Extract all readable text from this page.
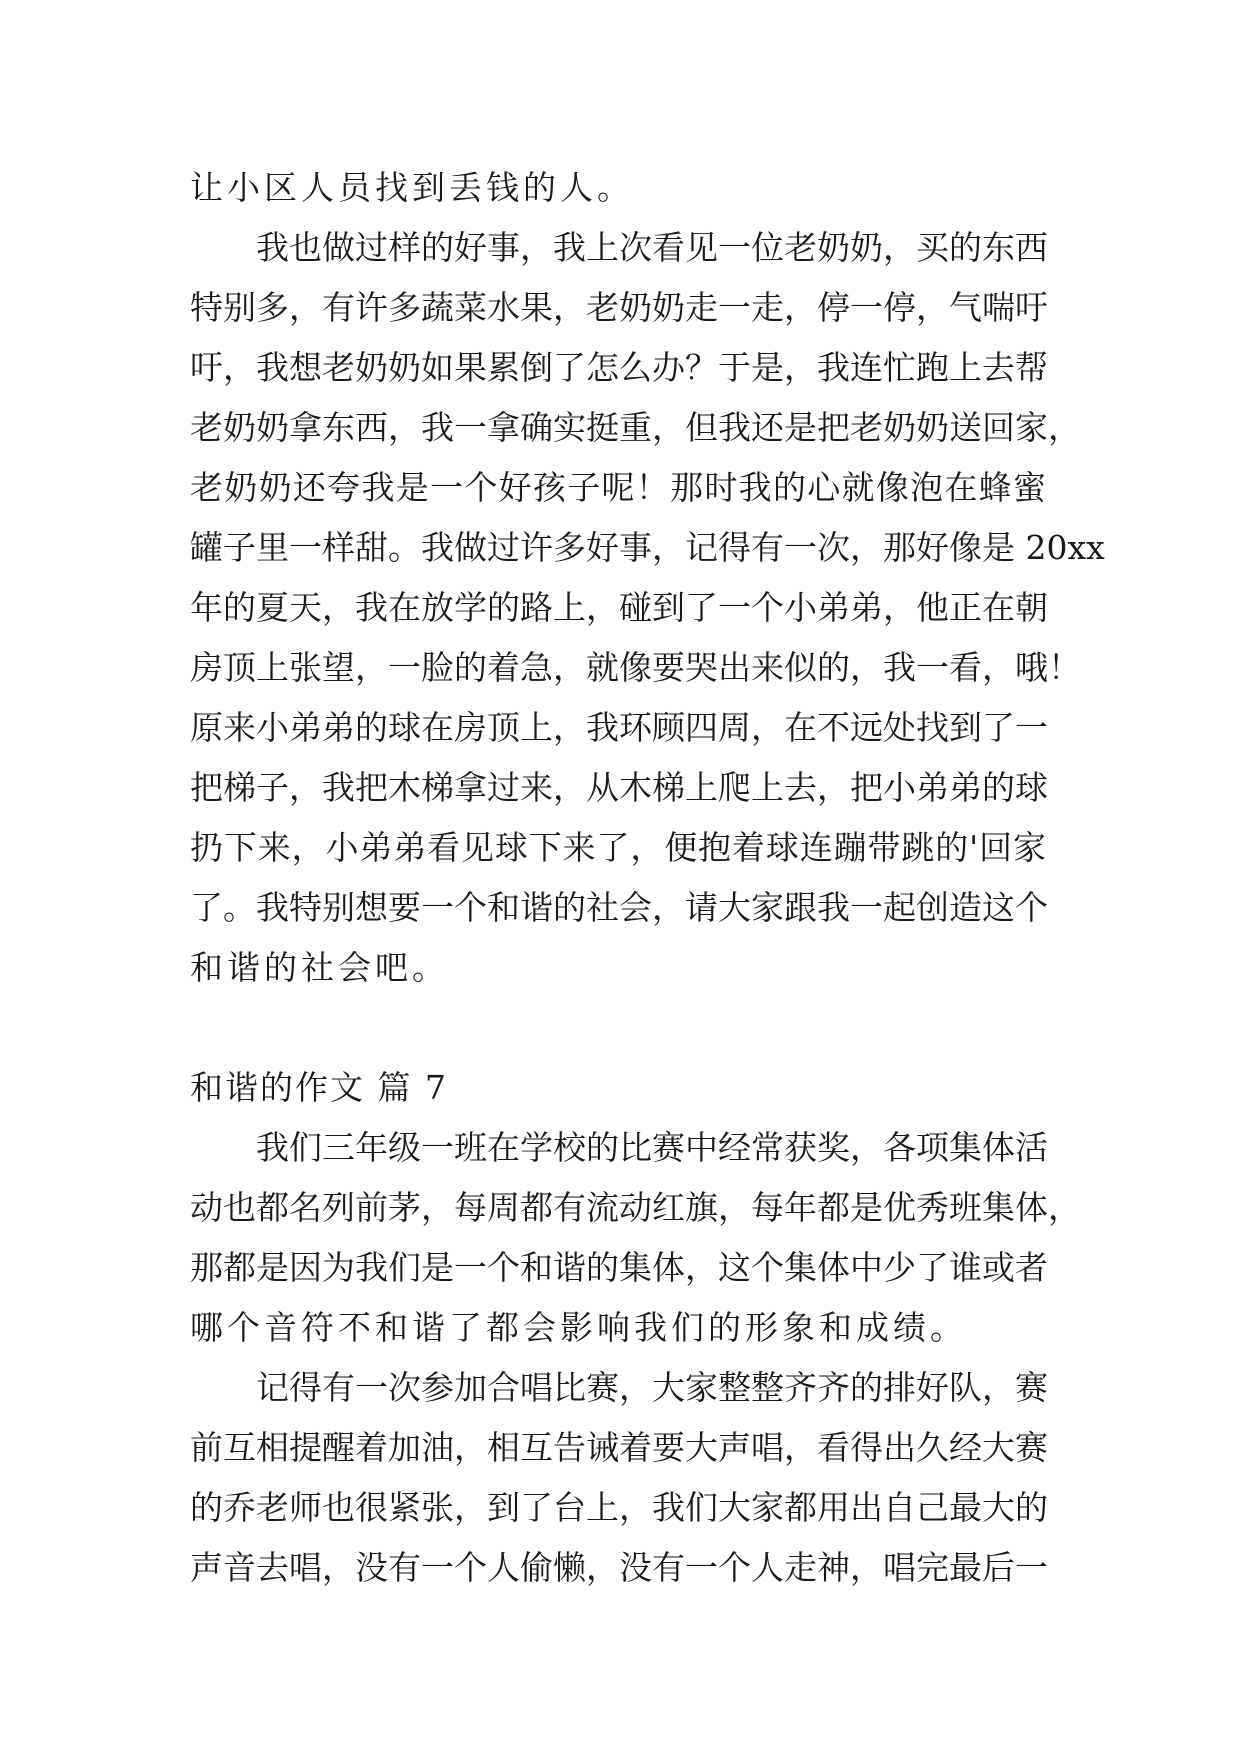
让小区人员找到丢钱的人。
我也做过样的好事，我上次看见一位老奶奶，买的东西
特别多，有许多蔬菜水果，老奶奶走一走，停一停，气喘吁
吁，我想老奶奶如果累倒了怎么办？于是，我连忙跑上去帮
老奶奶拿东西，我一拿确实挺重，但我还是把老奶奶送回家，
老奶奶还夸我是一个好孩子呢！那时我的心就像泡在蜂蜜
罐子里一样甜。我做过许多好事，记得有一次，那好像是 20xx
年的夏天，我在放学的路上，碰到了一个小弟弟，他正在朝
房顶上张望，一脸的着急，就像要哭出来似的，我一看，哦！
原来小弟弟的球在房顶上，我环顾四周，在不远处找到了一
把梯子，我把木梯拿过来，从木梯上爬上去，把小弟弟的球
扔下来，小弟弟看见球下来了，便抱着球连蹦带跳的'回家
了。我特别想要一个和谐的社会，请大家跟我一起创造这个
和谐的社会吧。
和谐的作文 篇 7
我们三年级一班在学校的比赛中经常获奖，各项集体活
动也都名列前茅，每周都有流动红旗，每年都是优秀班集体，
那都是因为我们是一个和谐的集体，这个集体中少了谁或者
哪个音符不和谐了都会影响我们的形象和成绩。
记得有一次参加合唱比赛，大家整整齐齐的排好队，赛
前互相提醒着加油，相互告诫着要大声唱，看得出久经大赛
的乔老师也很紧张，到了台上，我们大家都用出自己最大的
声音去唱，没有一个人偷懒，没有一个人走神，唱完最后一
